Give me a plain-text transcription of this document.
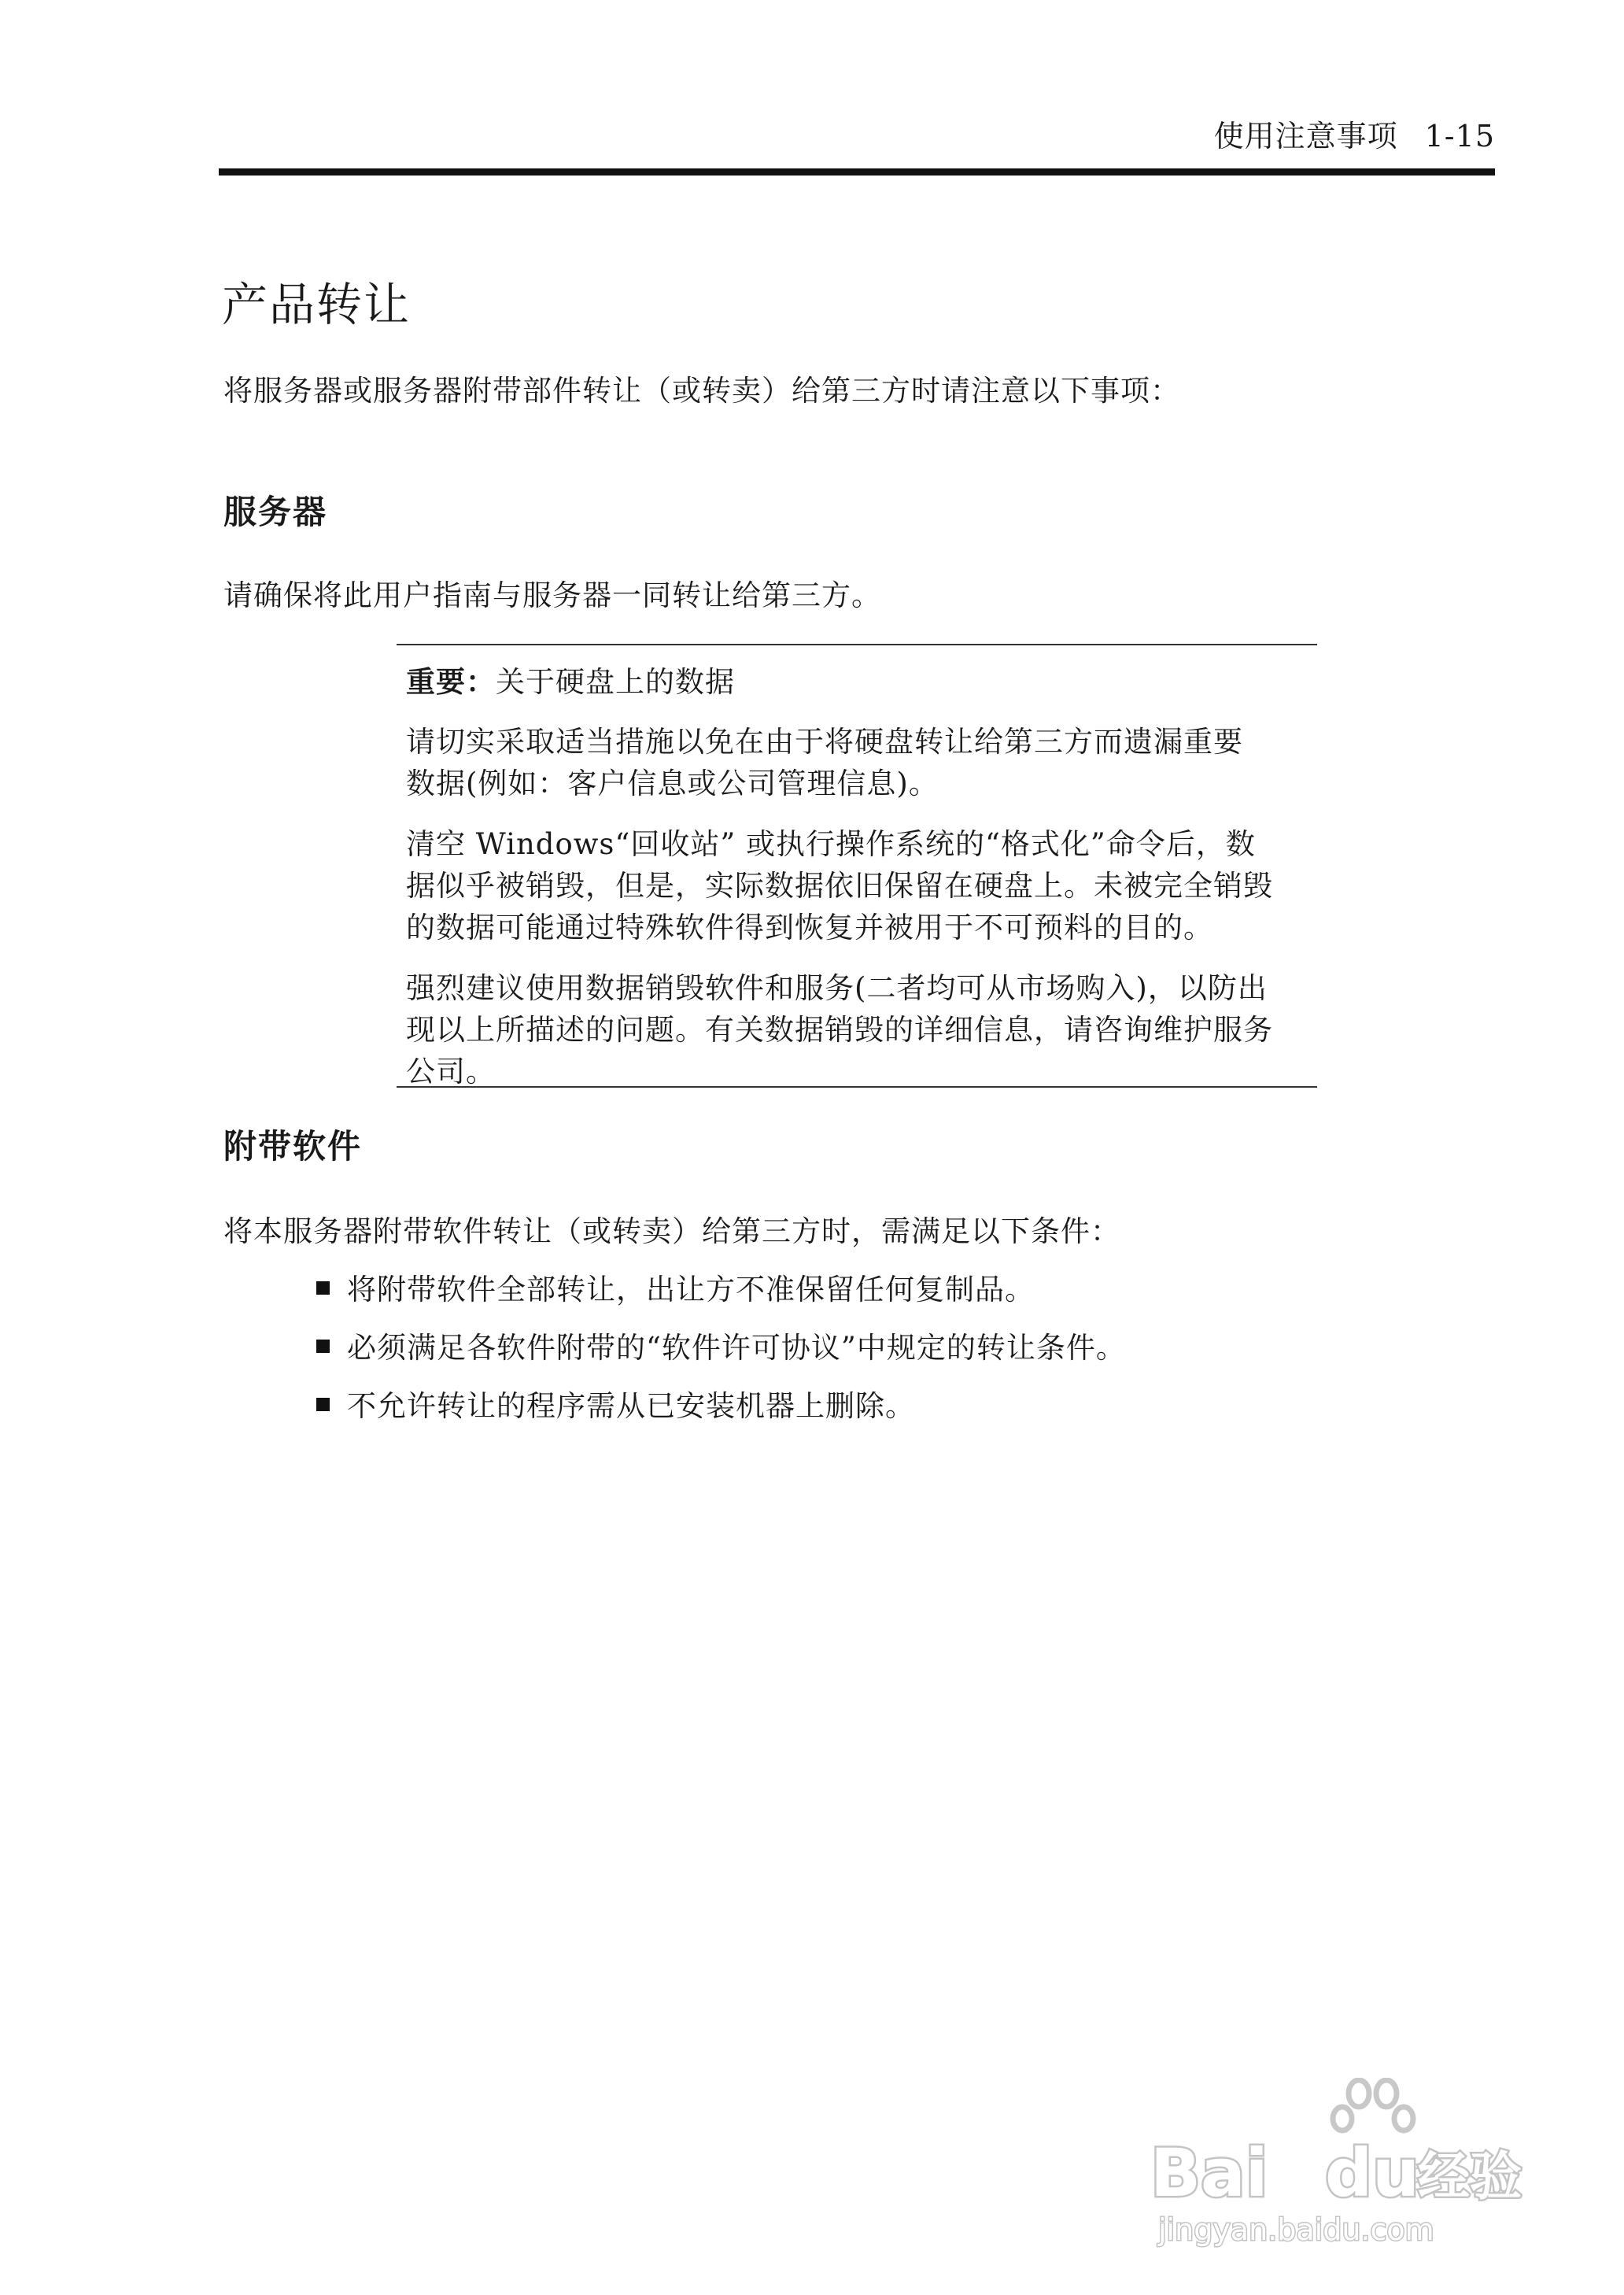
使用注意事项 1-15
产品转让
将服务器或服务器附带部件转让（或转卖）给第三方时请注意以下事项：
服务器
请确保将此用户指南与服务器一同转让给第三方。
重要：关于硬盘上的数据
请切实采取适当措施以免在由于将硬盘转让给第三方而遗漏重要
数据(例如：客户信息或公司管理信息)。
清空 Windows“回收站” 或执行操作系统的“格式化”命令后，数
据似乎被销毁，但是，实际数据依旧保留在硬盘上。未被完全销毁
的数据可能通过特殊软件得到恢复并被用于不可预料的目的。
强烈建议使用数据销毁软件和服务(二者均可从市场购入)，以防出
现以上所描述的问题。有关数据销毁的详细信息，请咨询维护服务
公司。
附带软件
将本服务器附带软件转让（或转卖）给第三方时，需满足以下条件：
将附带软件全部转让，出让方不准保留任何复制品。
必须满足各软件附带的“软件许可协议”中规定的转让条件。
不允许转让的程序需从已安装机器上删除。
Bai du
经验
jingyan.baidu.com
